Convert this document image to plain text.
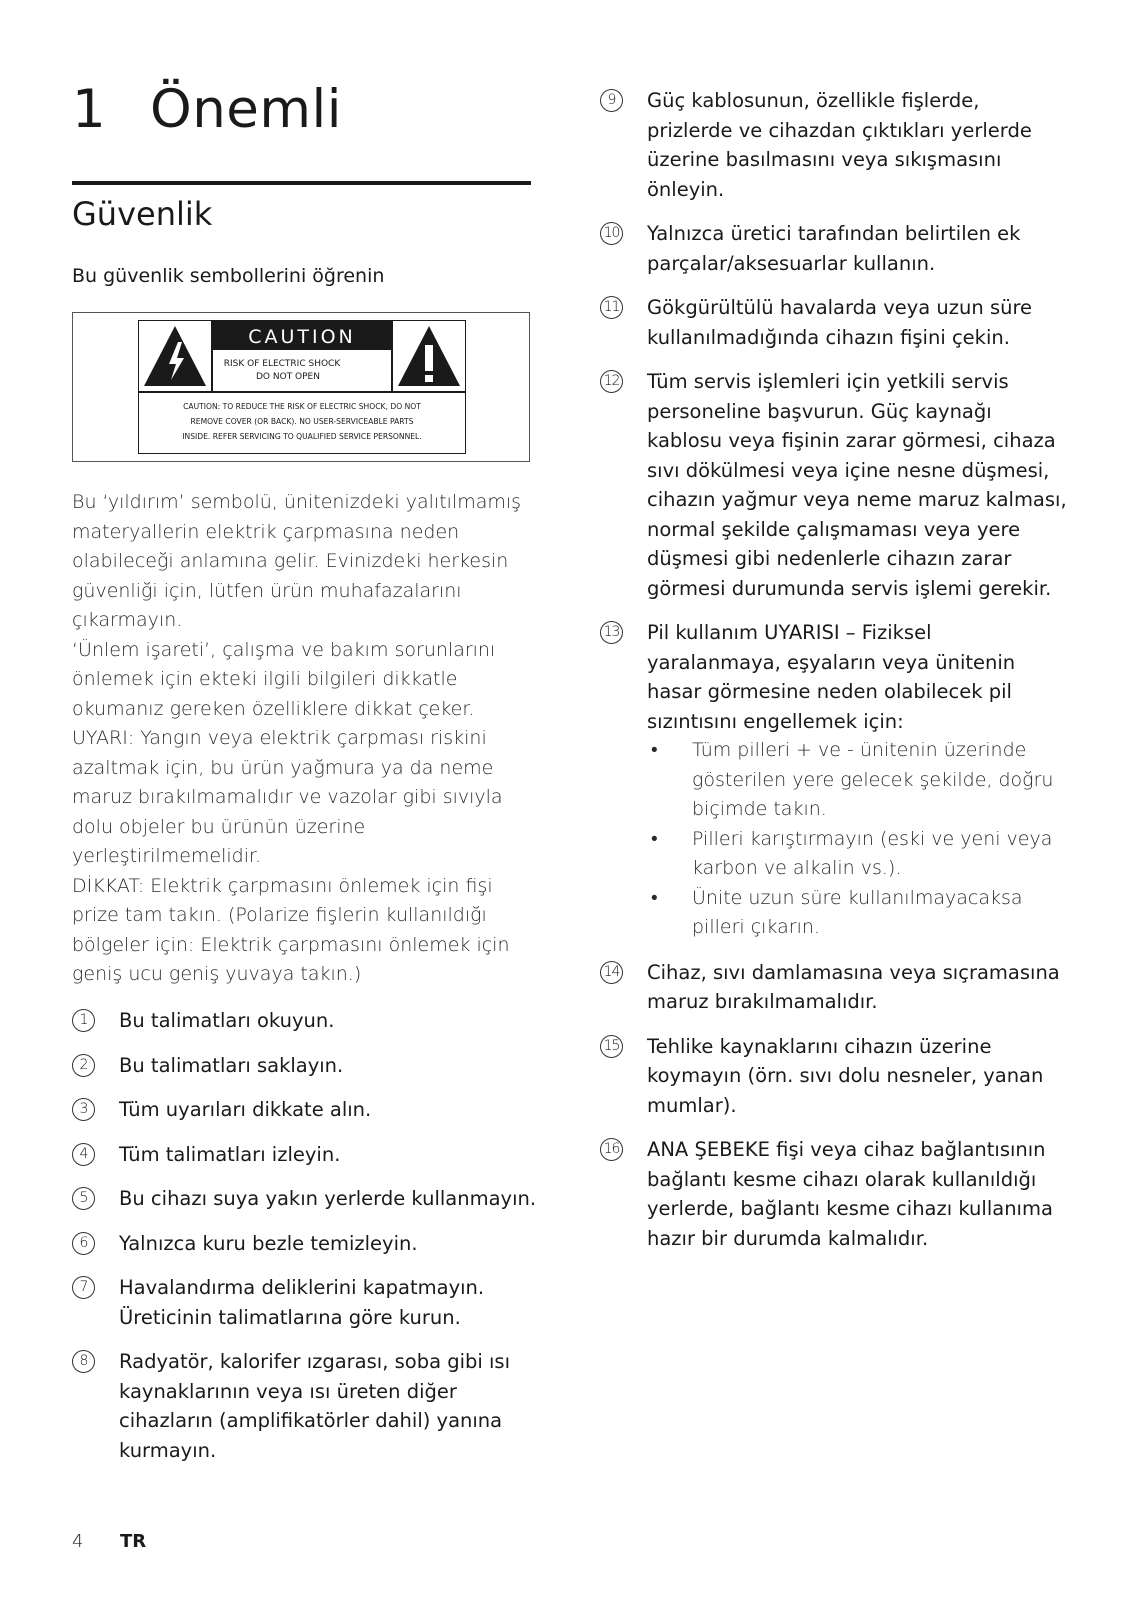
1 Önemli
Güvenlik

Bu güvenlik sembollerini öğrenin

CAUTION
RISK OF ELECTRIC SHOCK
DO NOT OPEN
CAUTION: TO REDUCE THE RISK OF ELECTRIC SHOCK, DO NOT
REMOVE COVER (OR BACK). NO USER-SERVICEABLE PARTS
INSIDE. REFER SERVICING TO QUALIFIED SERVICE PERSONNEL.

Bu ‘yıldırım’ sembolü, ünitenizdeki yalıtılmamış materyallerin elektrik çarpmasına neden olabileceği anlamına gelir. Evinizdeki herkesin güvenliği için, lütfen ürün muhafazalarını çıkarmayın.

‘Ünlem işareti’, çalışma ve bakım sorunlarını önlemek için ekteki ilgili bilgileri dikkatle okumanız gereken özelliklere dikkat çeker.

UYARI: Yangın veya elektrik çarpması riskini azaltmak için, bu ürün yağmura ya da neme maruz bırakılmamalıdır ve vazolar gibi sıvıyla dolu objeler bu ürünün üzerine yerleştirilmemelidir.

DİKKAT: Elektrik çarpmasını önlemek için fişi prize tam takın. (Polarize fişlerin kullanıldığı bölgeler için: Elektrik çarpmasını önlemek için geniş ucu geniş yuvaya takın.)

1	Bu talimatları okuyun.
2	Bu talimatları saklayın.
3	Tüm uyarıları dikkate alın.
4	Tüm talimatları izleyin.
5	Bu cihazı suya yakın yerlerde kullanmayın.
6	Yalnızca kuru bezle temizleyin.
7	Havalandırma deliklerini kapatmayın. Üreticinin talimatlarına göre kurun.
8	Radyatör, kalorifer ızgarası, soba gibi ısı kaynaklarının veya ısı üreten diğer cihazların (amplifikatörler dahil) yanına kurmayın.
9	Güç kablosunun, özellikle fişlerde, prizlerde ve cihazdan çıktıkları yerlerde üzerine basılmasını veya sıkışmasını önleyin.
10 Yalnızca üretici tarafından belirtilen ek parçalar/aksesuarlar kullanın.
11 Gökgürültülü havalarda veya uzun süre kullanılmadığında cihazın fişini çekin.
12 Tüm servis işlemleri için yetkili servis personeline başvurun. Güç kaynağı kablosu veya fişinin zarar görmesi, cihaza sıvı dökülmesi veya içine nesne düşmesi, cihazın yağmur veya neme maruz kalması, normal şekilde çalışmaması veya yere düşmesi gibi nedenlerle cihazın zarar görmesi durumunda servis işlemi gerekir.
13 Pil kullanım UYARISI – Fiziksel yaralanmaya, eşyaların veya ünitenin hasar görmesine neden olabilecek pil sızıntısını engellemek için:
• Tüm pilleri + ve - ünitenin üzerinde gösterilen yere gelecek şekilde, doğru biçimde takın.
• Pilleri karıştırmayın (eski ve yeni veya karbon ve alkalin vs.).
• Ünite uzun süre kullanılmayacaksa pilleri çıkarın.
14 Cihaz, sıvı damlamasına veya sıçramasına maruz bırakılmamalıdır.
15 Tehlike kaynaklarını cihazın üzerine koymayın (örn. sıvı dolu nesneler, yanan mumlar).
16 ANA ŞEBEKE fişi veya cihaz bağlantısının bağlantı kesme cihazı olarak kullanıldığı yerlerde, bağlantı kesme cihazı kullanıma hazır bir durumda kalmalıdır.
4 TR
